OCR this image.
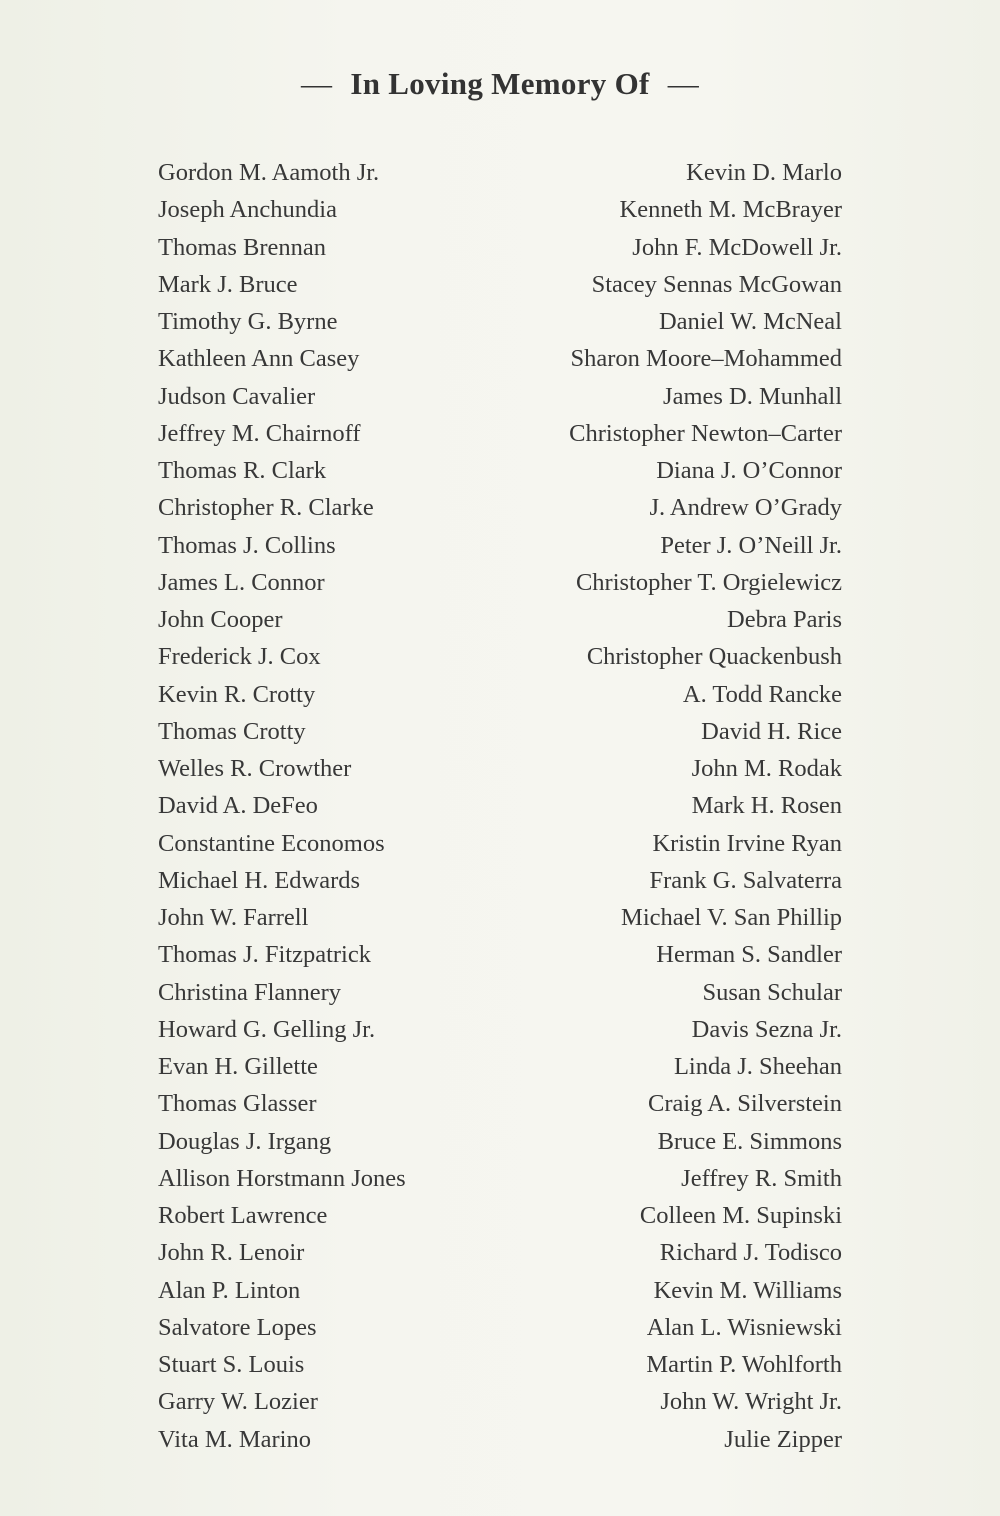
— In Loving Memory Of —
Gordon M. Aamoth Jr.
Joseph Anchundia
Thomas Brennan
Mark J. Bruce
Timothy G. Byrne
Kathleen Ann Casey
Judson Cavalier
Jeffrey M. Chairnoff
Thomas R. Clark
Christopher R. Clarke
Thomas J. Collins
James L. Connor
John Cooper
Frederick J. Cox
Kevin R. Crotty
Thomas Crotty
Welles R. Crowther
David A. DeFeo
Constantine Economos
Michael H. Edwards
John W. Farrell
Thomas J. Fitzpatrick
Christina Flannery
Howard G. Gelling Jr.
Evan H. Gillette
Thomas Glasser
Douglas J. Irgang
Allison Horstmann Jones
Robert Lawrence
John R. Lenoir
Alan P. Linton
Salvatore Lopes
Stuart S. Louis
Garry W. Lozier
Vita M. Marino
Kevin D. Marlo
Kenneth M. McBrayer
John F. McDowell Jr.
Stacey Sennas McGowan
Daniel W. McNeal
Sharon Moore–Mohammed
James D. Munhall
Christopher Newton–Carter
Diana J. O’Connor
J. Andrew O’Grady
Peter J. O’Neill Jr.
Christopher T. Orgielewicz
Debra Paris
Christopher Quackenbush
A. Todd Rancke
David H. Rice
John M. Rodak
Mark H. Rosen
Kristin Irvine Ryan
Frank G. Salvaterra
Michael V. San Phillip
Herman S. Sandler
Susan Schular
Davis Sezna Jr.
Linda J. Sheehan
Craig A. Silverstein
Bruce E. Simmons
Jeffrey R. Smith
Colleen M. Supinski
Richard J. Todisco
Kevin M. Williams
Alan L. Wisniewski
Martin P. Wohlforth
John W. Wright Jr.
Julie Zipper
